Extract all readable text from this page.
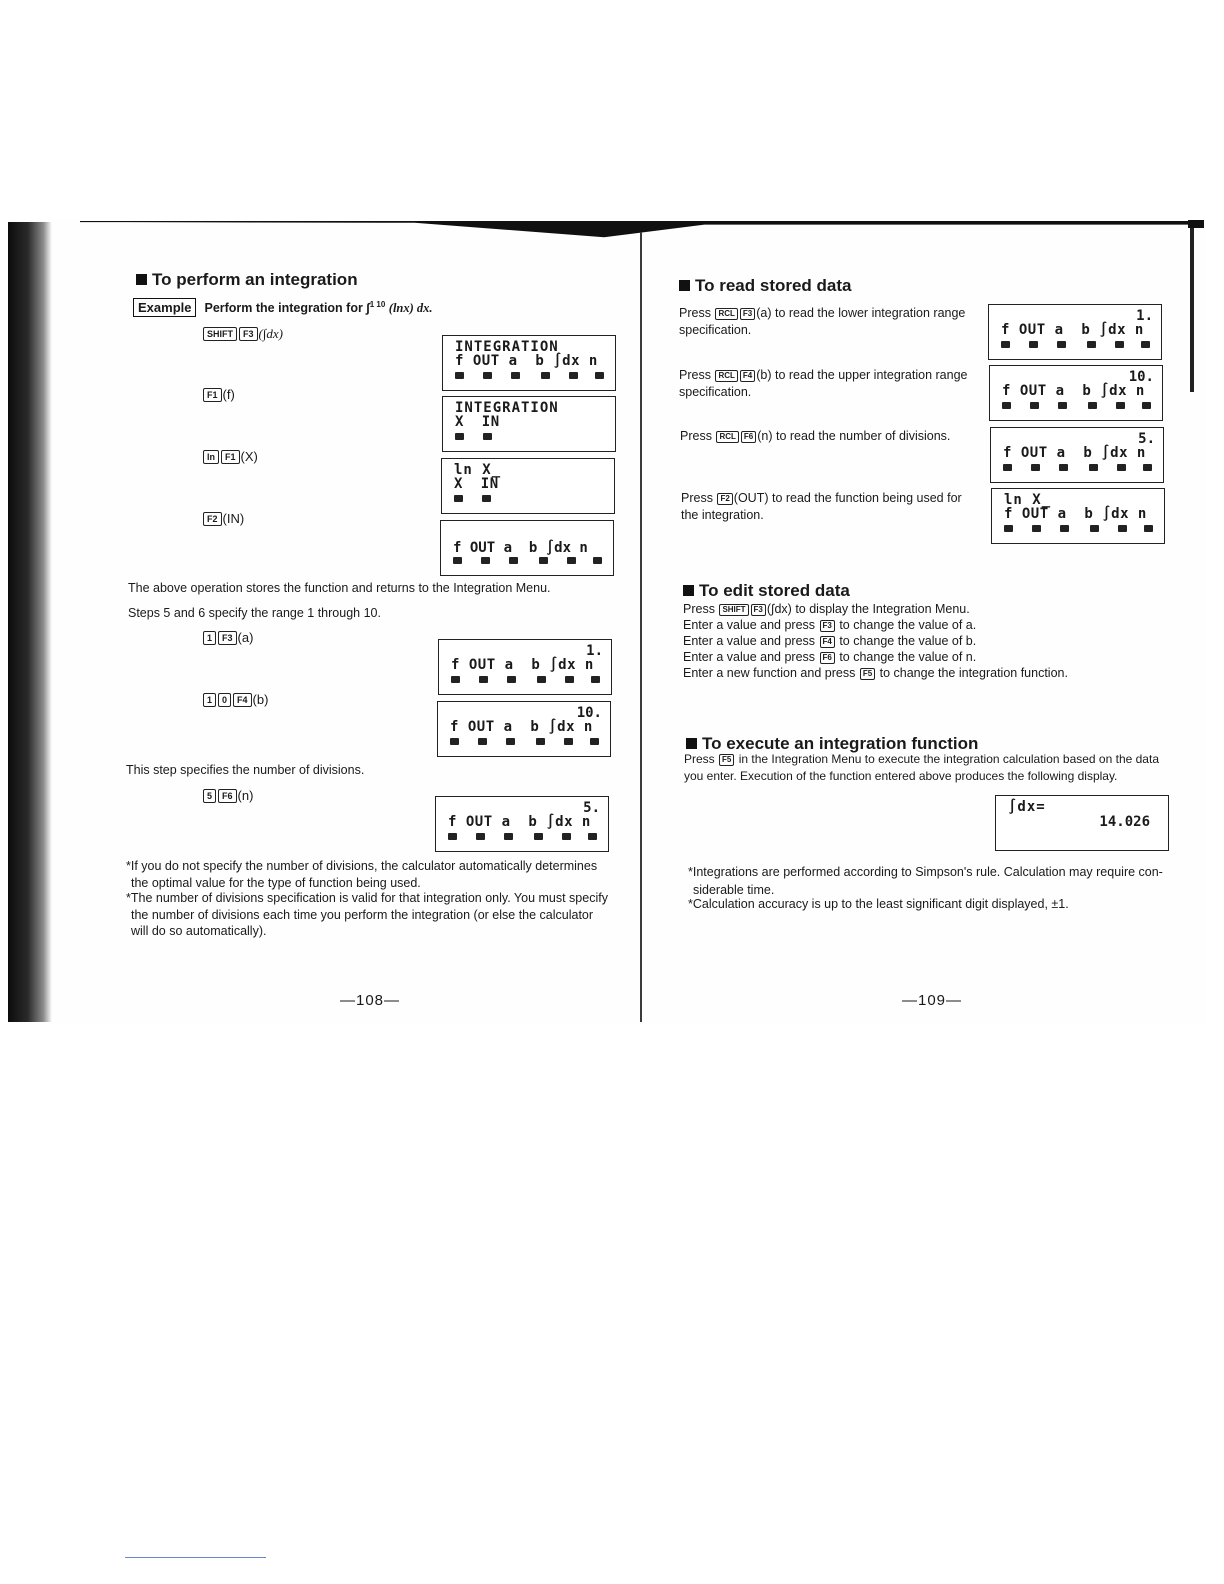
To perform an integration
Example Perform the integration for ∫$^{1 10}$ (lnx) dx.
SHIFT F3 (∫dx)
F1 (f)
ln F1 (X)
F2 (IN)
1 F3 (a)
1 0 F4 (b)
5 F6 (n)
INTEGRATION
f OUT a  b ∫dx n
INTEGRATION
X  IN
ln X_
X  IN
f OUT a  b ∫dx n
1.
f OUT a  b ∫dx n
10.
f OUT a  b ∫dx n
5.
f OUT a  b ∫dx n
The above operation stores the function and returns to the Integration Menu.
Steps 5 and 6 specify the range 1 through 10.
This step specifies the number of divisions.
*If you do not specify the number of divisions, the calculator automatically determines
the optimal value for the type of function being used.
*The number of divisions specification is valid for that integration only. You must specify
the number of divisions each time you perform the integration (or else the calculator
will do so automatically).
—108—
To read stored data
Press RCL F3 (a) to read the lower integration range
specification.
Press RCL F4 (b) to read the upper integration range
specification.
Press RCL F6 (n) to read the number of divisions.
Press F2 (OUT) to read the function being used for
the integration.
1.
f OUT a  b ∫dx n
10.
f OUT a  b ∫dx n
5.
f OUT a  b ∫dx n
ln X_
f OUT a  b ∫dx n
To edit stored data
Press SHIFT F3 (∫dx) to display the Integration Menu.
Enter a value and press F3 to change the value of a.
Enter a value and press F4 to change the value of b.
Enter a value and press F6 to change the value of n.
Enter a new function and press F5 to change the integration function.
To execute an integration function
Press F5 in the Integration Menu to execute the integration calculation based on the data
you enter. Execution of the function entered above produces the following display.
∫dx=
14.026
*Integrations are performed according to Simpson's rule. Calculation may require con-
siderable time.
*Calculation accuracy is up to the least significant digit displayed, ±1.
—109—
